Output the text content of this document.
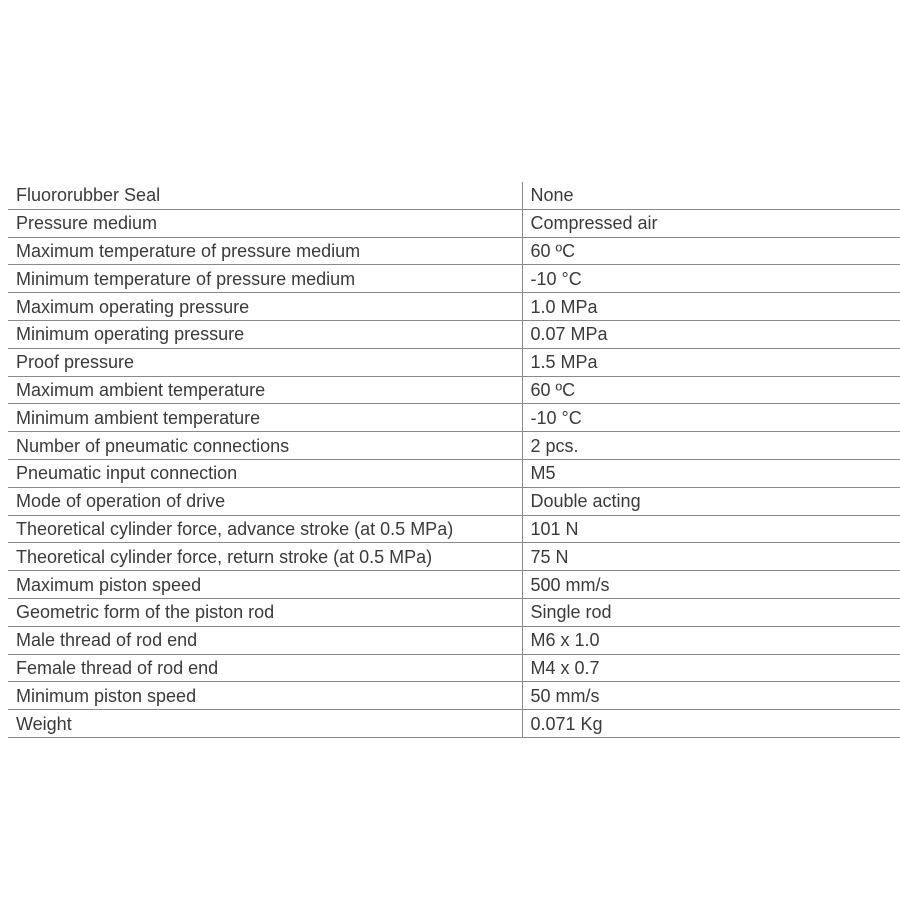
Fluororubber Seal	None
Pressure medium	Compressed air
Maximum temperature of pressure medium	60 ºC
Minimum temperature of pressure medium	-10 °C
Maximum operating pressure	1.0 MPa
Minimum operating pressure	0.07 MPa
Proof pressure	1.5 MPa
Maximum ambient temperature	60 ºC
Minimum ambient temperature	-10 °C
Number of pneumatic connections	2 pcs.
Pneumatic input connection	M5
Mode of operation of drive	Double acting
Theoretical cylinder force, advance stroke (at 0.5 MPa)	101 N
Theoretical cylinder force, return stroke (at 0.5 MPa)	75 N
Maximum piston speed	500 mm/s
Geometric form of the piston rod	Single rod
Male thread of rod end	M6 x 1.0
Female thread of rod end	M4 x 0.7
Minimum piston speed	50 mm/s
Weight	0.071 Kg
